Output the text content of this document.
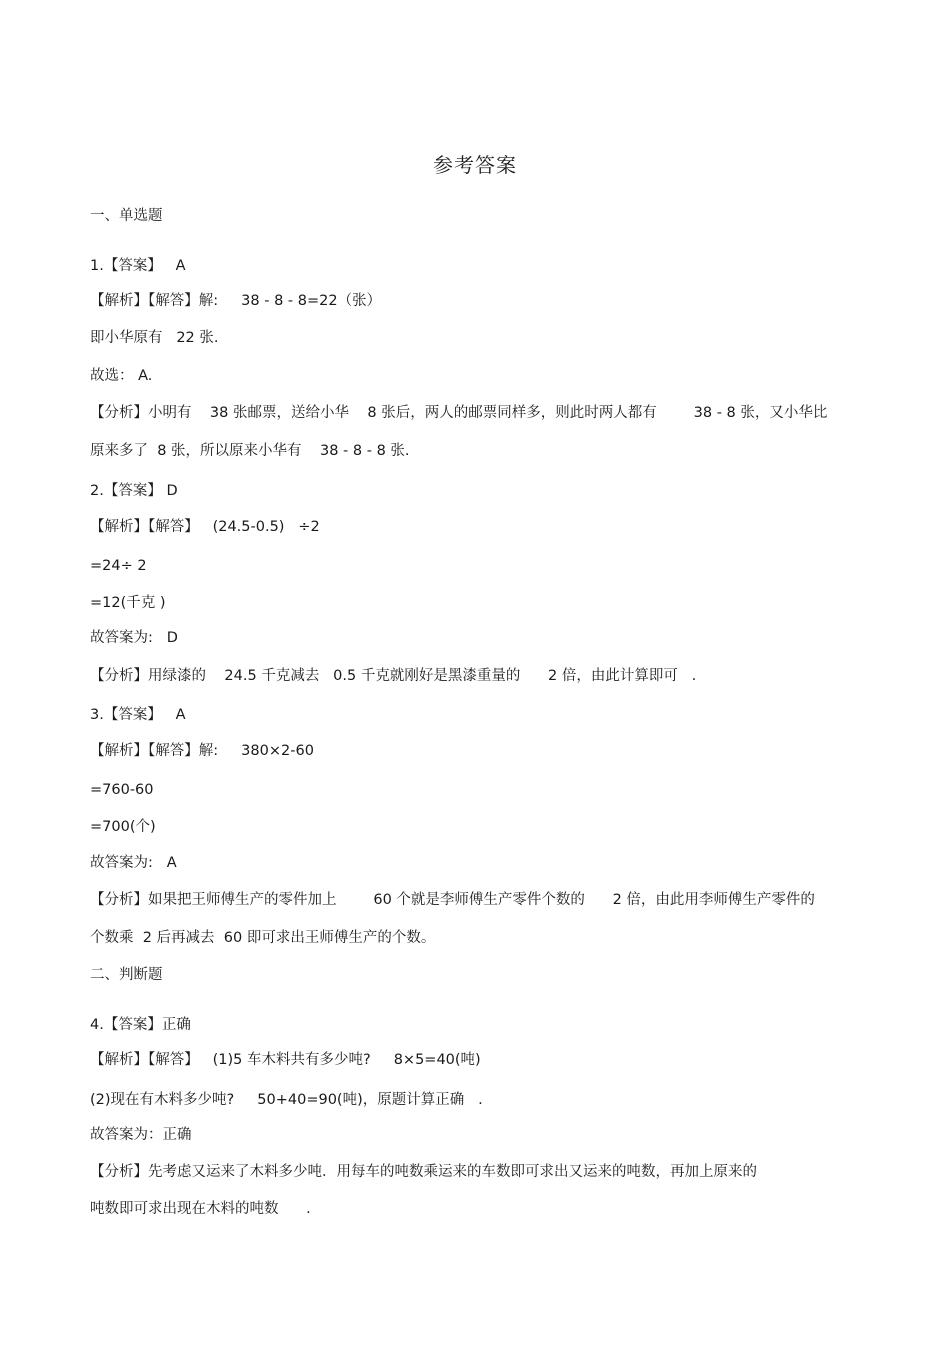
参考答案
一、单选题
1.【答案】   A
【解析】【解答】解:     38 - 8 - 8=22（张）
即小华原有   22 张.
故选： A.
【分析】小明有    38 张邮票，送给小华    8 张后，两人的邮票同样多，则此时两人都有        38 - 8 张，又小华比
原来多了  8 张，所以原来小华有    38 - 8 - 8 张.
2.【答案】 D
【解析】【解答】   (24.5-0.5)   ÷2
=24÷ 2
=12(千克 )
故答案为:   D
【分析】用绿漆的    24.5 千克减去   0.5 千克就刚好是黑漆重量的      2 倍，由此计算即可   .
3.【答案】   A
【解析】【解答】解:     380×2-60
=760-60
=700(个)
故答案为:   A
【分析】如果把王师傅生产的零件加上        60 个就是李师傅生产零件个数的      2 倍，由此用李师傅生产零件的
个数乘  2 后再减去  60 即可求出王师傅生产的个数。
二、判断题
4.【答案】正确
【解析】【解答】   (1)5 车木料共有多少吨?     8×5=40(吨)
(2)现在有木料多少吨?     50+40=90(吨)，原题计算正确   .
故答案为：正确
【分析】先考虑又运来了木料多少吨．用每车的吨数乘运来的车数即可求出又运来的吨数，再加上原来的
吨数即可求出现在木料的吨数      .
